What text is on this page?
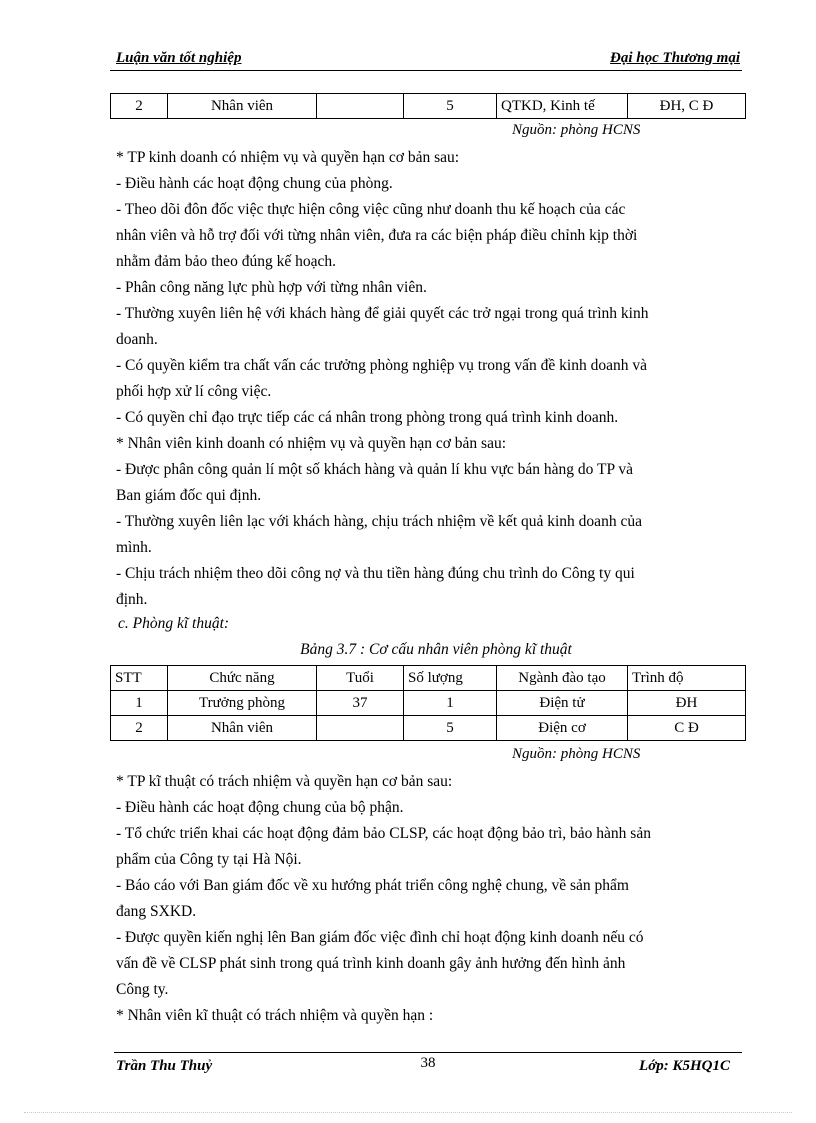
Luận văn tốt nghiệp	Đại học Thương mại
2	Nhân viên		5	QTKD, Kinh tế	ĐH, C Đ
Nguồn: phòng HCNS

* TP kinh doanh có nhiệm vụ và quyền hạn cơ bản sau:

- Điều hành các hoạt động chung của phòng.

- Theo dõi đôn đốc việc thực hiện công việc cũng như doanh thu kế hoạch của các

nhân viên và hỗ trợ đối với từng nhân viên, đưa ra các biện pháp điều chỉnh kịp thời

nhằm đảm bảo theo đúng kế hoạch.

- Phân công năng lực phù hợp với từng nhân viên.

- Thường xuyên liên hệ với khách hàng để giải quyết các trở ngại trong quá trình kinh

doanh.

- Có quyền kiểm tra chất vấn các trưởng phòng nghiệp vụ trong vấn đề kinh doanh và

phối hợp xử lí công việc.

- Có quyền chỉ đạo trực tiếp các cá nhân trong phòng trong quá trình kinh doanh.

* Nhân viên kinh doanh có nhiệm vụ và quyền hạn cơ bản sau:

- Được phân công quản lí một số khách hàng và quản lí khu vực bán hàng do TP và

Ban giám đốc qui định.

- Thường xuyên liên lạc với khách hàng, chịu trách nhiệm về kết quả kinh doanh của

mình.

- Chịu trách nhiệm theo dõi công nợ và thu tiền hàng đúng chu trình do Công ty qui

định.

c. Phòng kĩ thuật:
Bảng 3.7 : Cơ cấu nhân viên phòng kĩ thuật
STT	Chức năng	Tuổi	Số lượng	Ngành đào tạo	Trình độ
1	Trưởng phòng	37	1	Điện tử	ĐH
2	Nhân viên		5	Điện cơ	C Đ
Nguồn: phòng HCNS

* TP kĩ thuật có trách nhiệm và quyền hạn cơ bản sau:

- Điều hành các hoạt động chung của bộ phận.

- Tổ chức triển khai các hoạt động đảm bảo CLSP, các hoạt động bảo trì, bảo hành sản

phẩm của Công ty tại Hà Nội.

- Báo cáo với Ban giám đốc về xu hướng phát triển công nghệ chung, về sản phẩm

đang SXKD.

- Được quyền kiến nghị lên Ban giám đốc việc đình chỉ hoạt động kinh doanh nếu có

vấn đề về CLSP phát sinh trong quá trình kinh doanh gây ảnh hưởng đến hình ảnh

Công ty.

* Nhân viên kĩ thuật có trách nhiệm và quyền hạn :

Trần Thu Thuỷ	38	Lớp: K5HQ1C
